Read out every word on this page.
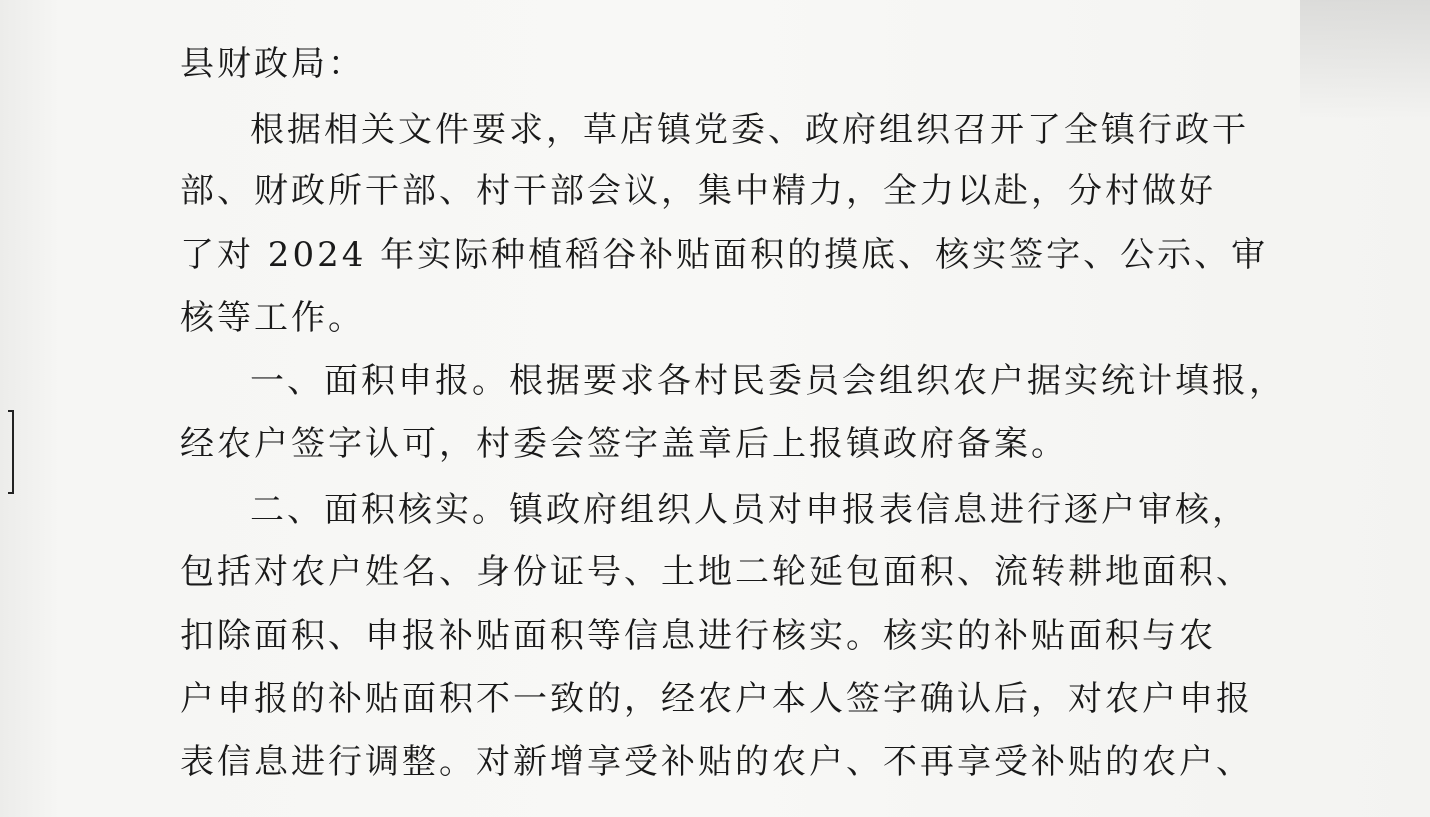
县财政局：
根据相关文件要求，草店镇党委、政府组织召开了全镇行政干
部、财政所干部、村干部会议，集中精力，全力以赴，分村做好
了对 2024 年实际种植稻谷补贴面积的摸底、核实签字、公示、审
核等工作。
一、面积申报。根据要求各村民委员会组织农户据实统计填报，
经农户签字认可，村委会签字盖章后上报镇政府备案。
二、面积核实。镇政府组织人员对申报表信息进行逐户审核，
包括对农户姓名、身份证号、土地二轮延包面积、流转耕地面积、
扣除面积、申报补贴面积等信息进行核实。核实的补贴面积与农
户申报的补贴面积不一致的，经农户本人签字确认后，对农户申报
表信息进行调整。对新增享受补贴的农户、不再享受补贴的农户、
